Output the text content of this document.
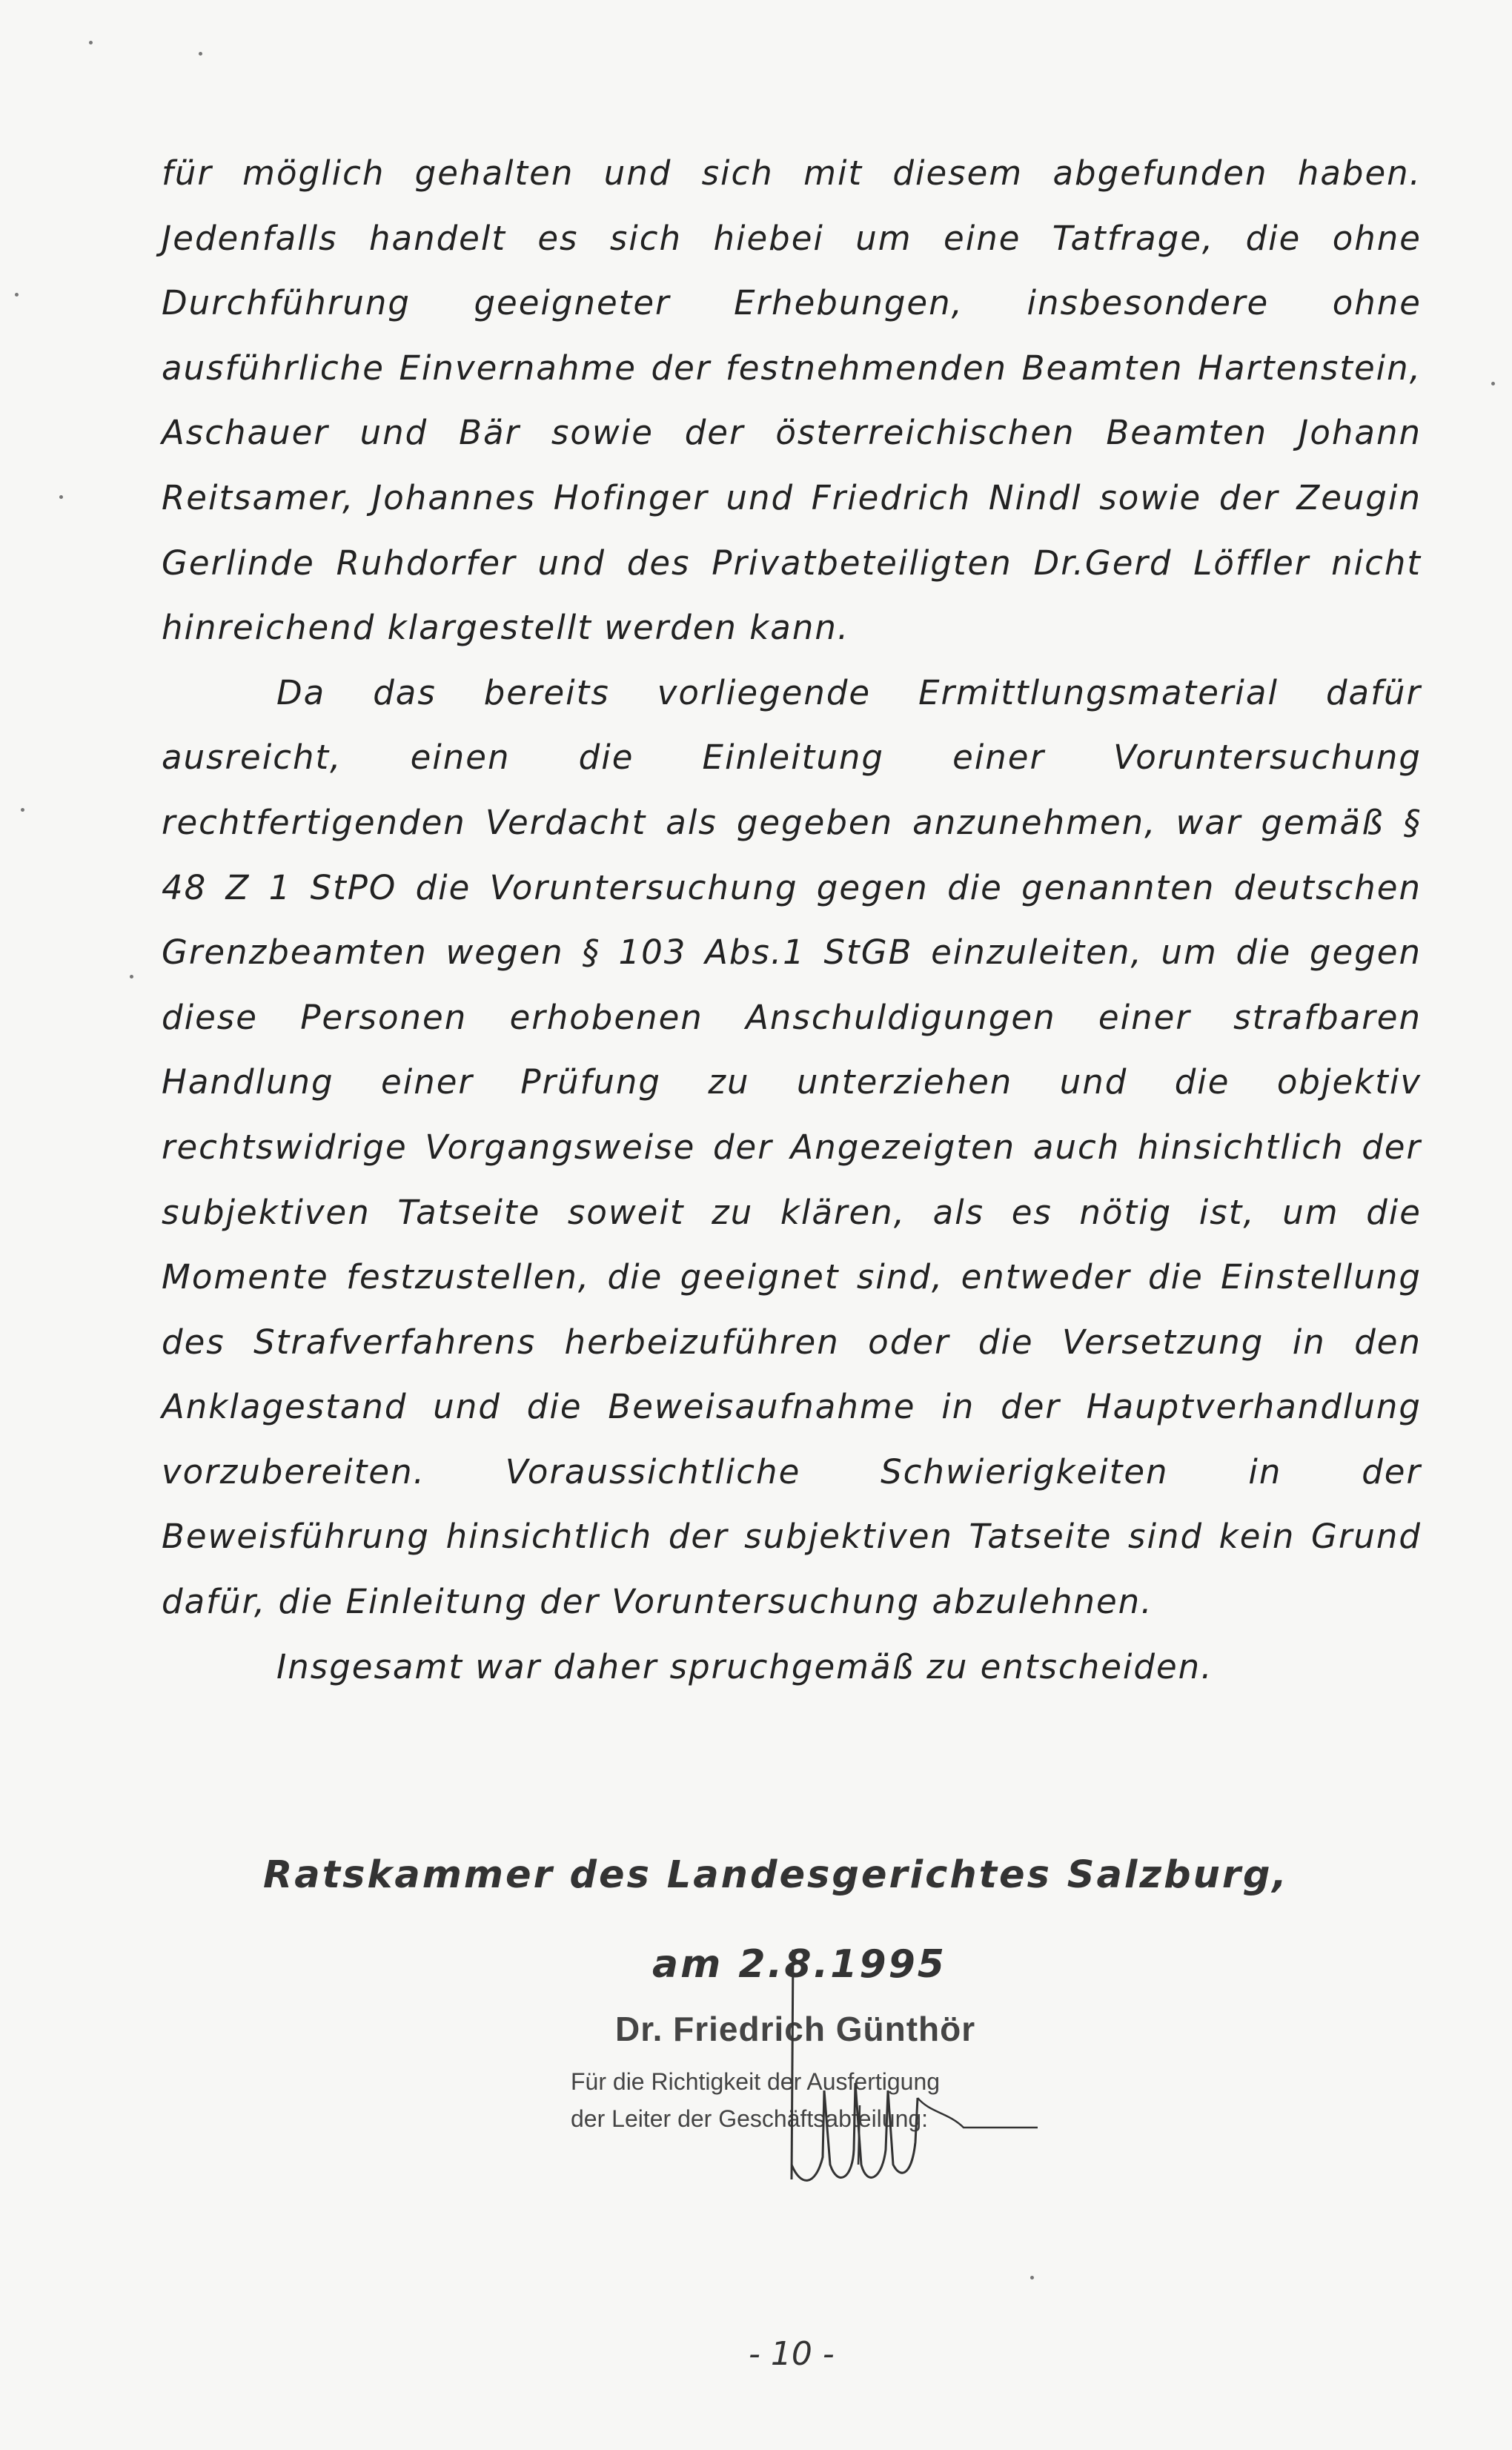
für möglich gehalten und sich mit diesem abgefunden haben. Jedenfalls handelt es sich hiebei um eine Tatfrage, die ohne Durchführung geeigneter Erhebungen, insbesondere ohne ausführliche Einvernahme der festnehmenden Beamten Hartenstein, Aschauer und Bär sowie der österreichischen Beamten Johann Reitsamer, Johannes Hofinger und Friedrich Nindl sowie der Zeugin Gerlinde Ruhdorfer und des Privatbeteiligten Dr.Gerd Löffler nicht hinreichend klargestellt werden kann.

Da das bereits vorliegende Ermittlungsmaterial dafür ausreicht, einen die Einleitung einer Voruntersuchung rechtfertigenden Verdacht als gegeben anzunehmen, war gemäß § 48 Z 1 StPO die Voruntersuchung gegen die genannten deutschen Grenzbeamten wegen § 103 Abs.1 StGB einzuleiten, um die gegen diese Personen erhobenen Anschuldigungen einer strafbaren Handlung einer Prüfung zu unterziehen und die objektiv rechtswidrige Vorgangsweise der Angezeigten auch hinsichtlich der subjektiven Tatseite soweit zu klären, als es nötig ist, um die Momente festzustellen, die geeignet sind, entweder die Einstellung des Strafverfahrens herbeizuführen oder die Versetzung in den Anklagestand und die Beweisaufnahme in der Hauptverhandlung vorzubereiten. Voraussichtliche Schwierigkeiten in der Beweisführung hinsichtlich der subjektiven Tatseite sind kein Grund dafür, die Einleitung der Voruntersuchung abzulehnen.

Insgesamt war daher spruchgemäß zu entscheiden.

Ratskammer des Landesgerichtes Salzburg,
am 2.8.1995
Dr. Friedrich Günthör
Für die Richtigkeit der Ausfertigung
der Leiter der Geschäftsabteilung:
- 10 -
